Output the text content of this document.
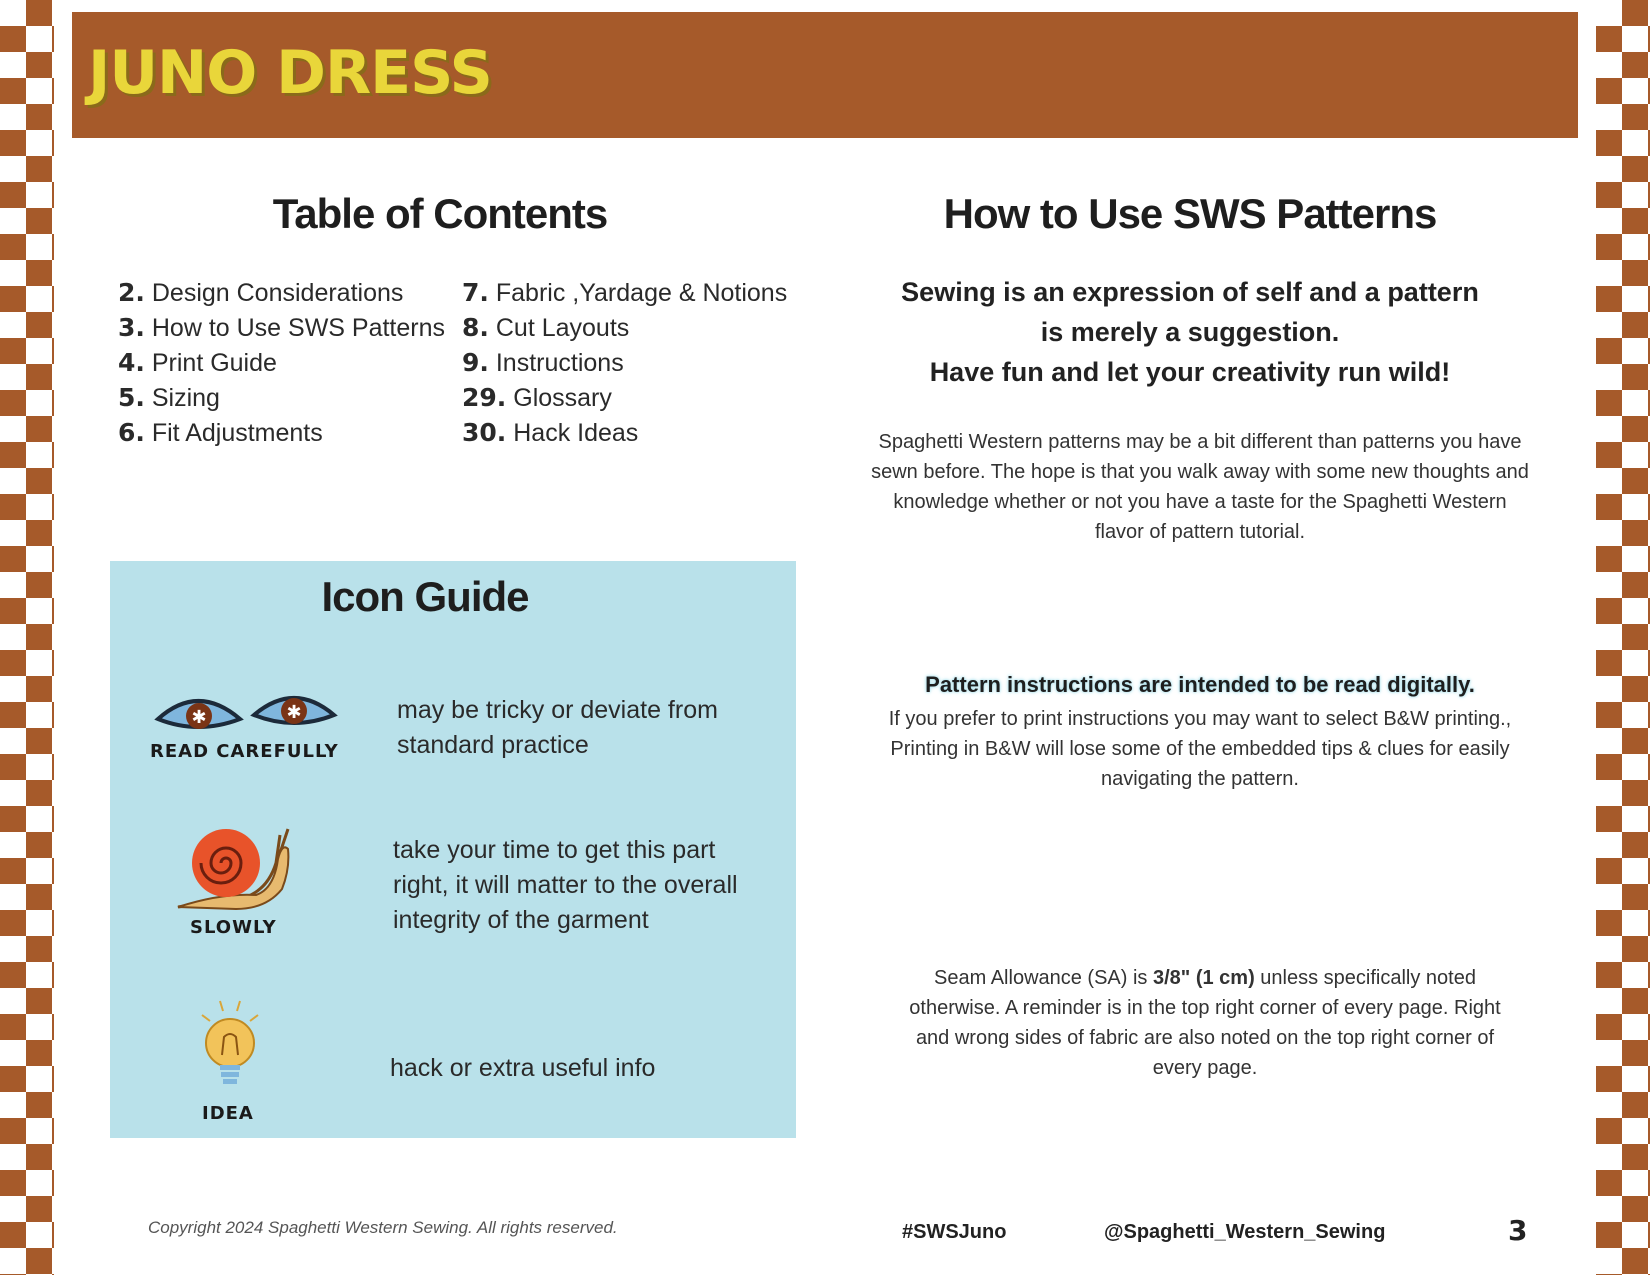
JUNO DRESS
Table of Contents
2. Design Considerations
3. How to Use SWS Patterns
4. Print Guide
5. Sizing
6. Fit Adjustments
7. Fabric ,Yardage & Notions
8. Cut Layouts
9. Instructions
29. Glossary
30. Hack Ideas
Icon Guide
✱	✱
READ CAREFULLY
may be tricky or deviate from
standard practice
SLOWLY
take your time to get this part
right, it will matter to the overall
integrity of the garment
IDEA
hack or extra useful info
How to Use SWS Patterns

Sewing is an expression of self and a pattern
is merely a suggestion.
Have fun and let your creativity run wild!

Spaghetti Western patterns may be a bit different than patterns you have sewn before. The hope is that you walk away with some new thoughts and knowledge whether or not you have a taste for the Spaghetti Western flavor of pattern tutorial.

Pattern instructions are intended to be read digitally.

If you prefer to print instructions you may want to select B&W printing., Printing in B&W will lose some of the embedded tips & clues for easily navigating the pattern.

Seam Allowance (SA) is 3/8" (1 cm) unless specifically noted otherwise. A reminder is in the top right corner of every page. Right and wrong sides of fabric are also noted on the top right corner of every page.

Copyright 2024 Spaghetti Western Sewing. All rights reserved.	#SWSJuno	@Spaghetti_Western_Sewing	3
